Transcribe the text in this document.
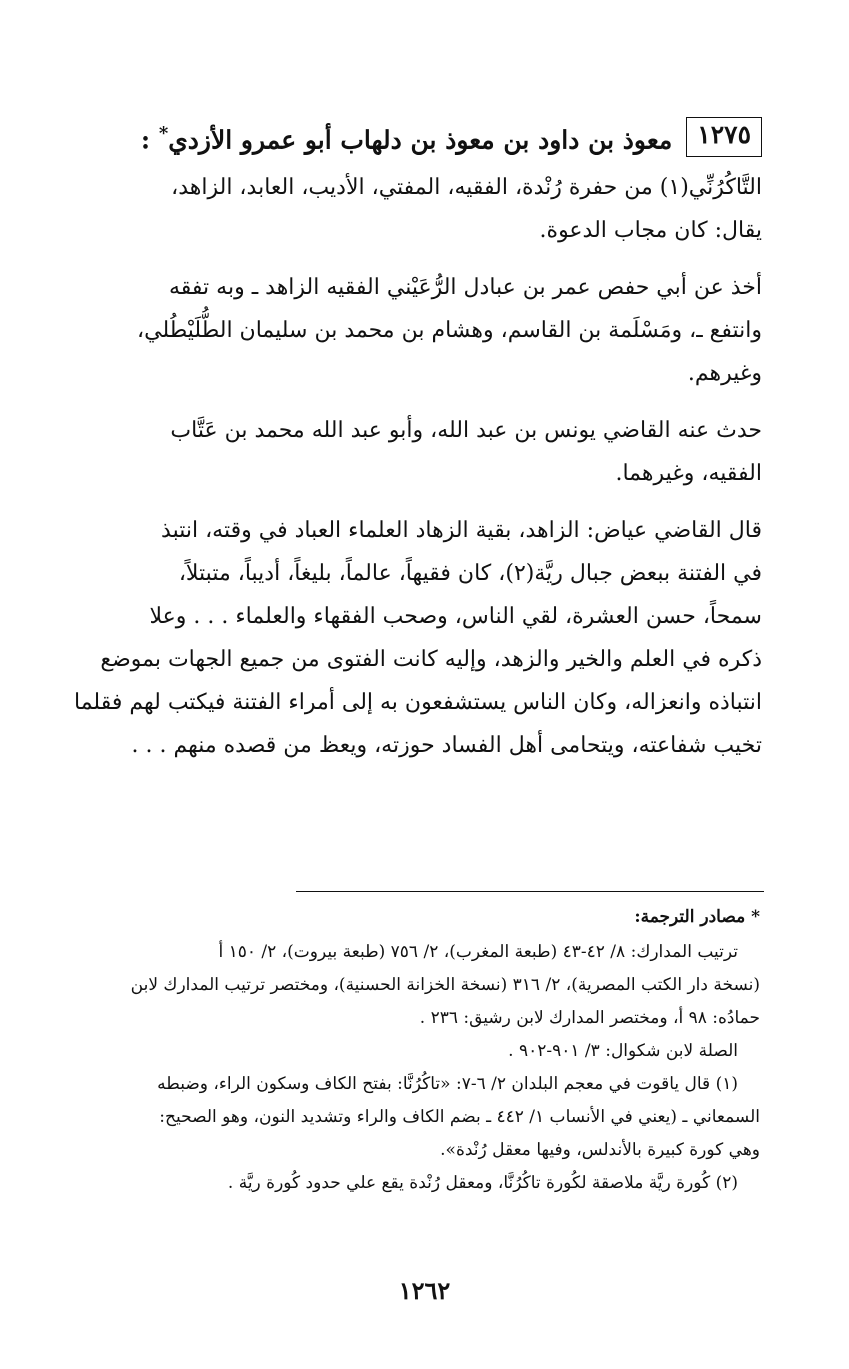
١٢٧٥
معوذ بن داود بن معوذ بن دلهاب أبو عمرو الأزدي* :

التَّاكُرُنِّي(١) من حفرة رُنْدة، الفقيه، المفتي، الأديب، العابد، الزاهد،

يقال: كان مجاب الدعوة.

أخذ عن أبي حفص عمر بن عبادل الرُّعَيْني الفقيه الزاهد ـ وبه تفقه

وانتفع ـ، ومَسْلَمة بن القاسم، وهشام بن محمد بن سليمان الطُّلَيْطُلي،

وغيرهم.

حدث عنه القاضي يونس بن عبد الله، وأبو عبد الله محمد بن عَتَّاب

الفقيه، وغيرهما.

قال القاضي عياض: الزاهد، بقية الزهاد العلماء العباد في وقته، انتبذ

في الفتنة ببعض جبال ريَّة(٢)، كان فقيهاً، عالماً، بليغاً، أديباً، متبتلاً،

سمحاً، حسن العشرة، لقي الناس، وصحب الفقهاء والعلماء . . . وعلا

ذكره في العلم والخير والزهد، وإليه كانت الفتوى من جميع الجهات بموضع

انتباذه وانعزاله، وكان الناس يستشفعون به إلى أمراء الفتنة فيكتب لهم فقلما

تخيب شفاعته، ويتحامى أهل الفساد حوزته، ويعظ من قصده منهم . . .

* مصادر الترجمة:

ترتيب المدارك: ٨/ ٤٢-٤٣ (طبعة المغرب)، ٢/ ٧٥٦ (طبعة بيروت)، ٢/ ١٥٠ أ

(نسخة دار الكتب المصرية)، ٢/ ٣١٦ (نسخة الخزانة الحسنية)، ومختصر ترتيب المدارك لابن

حمادُه: ٩٨ أ، ومختصر المدارك لابن رشيق: ٢٣٦ .

الصلة لابن شكوال: ٣/ ٩٠١-٩٠٢ .

(١) قال ياقوت في معجم البلدان ٢/ ٦-٧: «تاكُرُنَّا: بفتح الكاف وسكون الراء، وضبطه

السمعاني ـ (يعني في الأنساب ١/ ٤٤٢ ـ بضم الكاف والراء وتشديد النون، وهو الصحيح:

وهي كورة كبيرة بالأندلس، وفيها معقل رُنْدة».

(٢) كُورة ريَّة ملاصقة لكُورة تاكُرُنَّا، ومعقل رُنْدة يقع علي حدود كُورة ريَّة .

١٢٦٢
